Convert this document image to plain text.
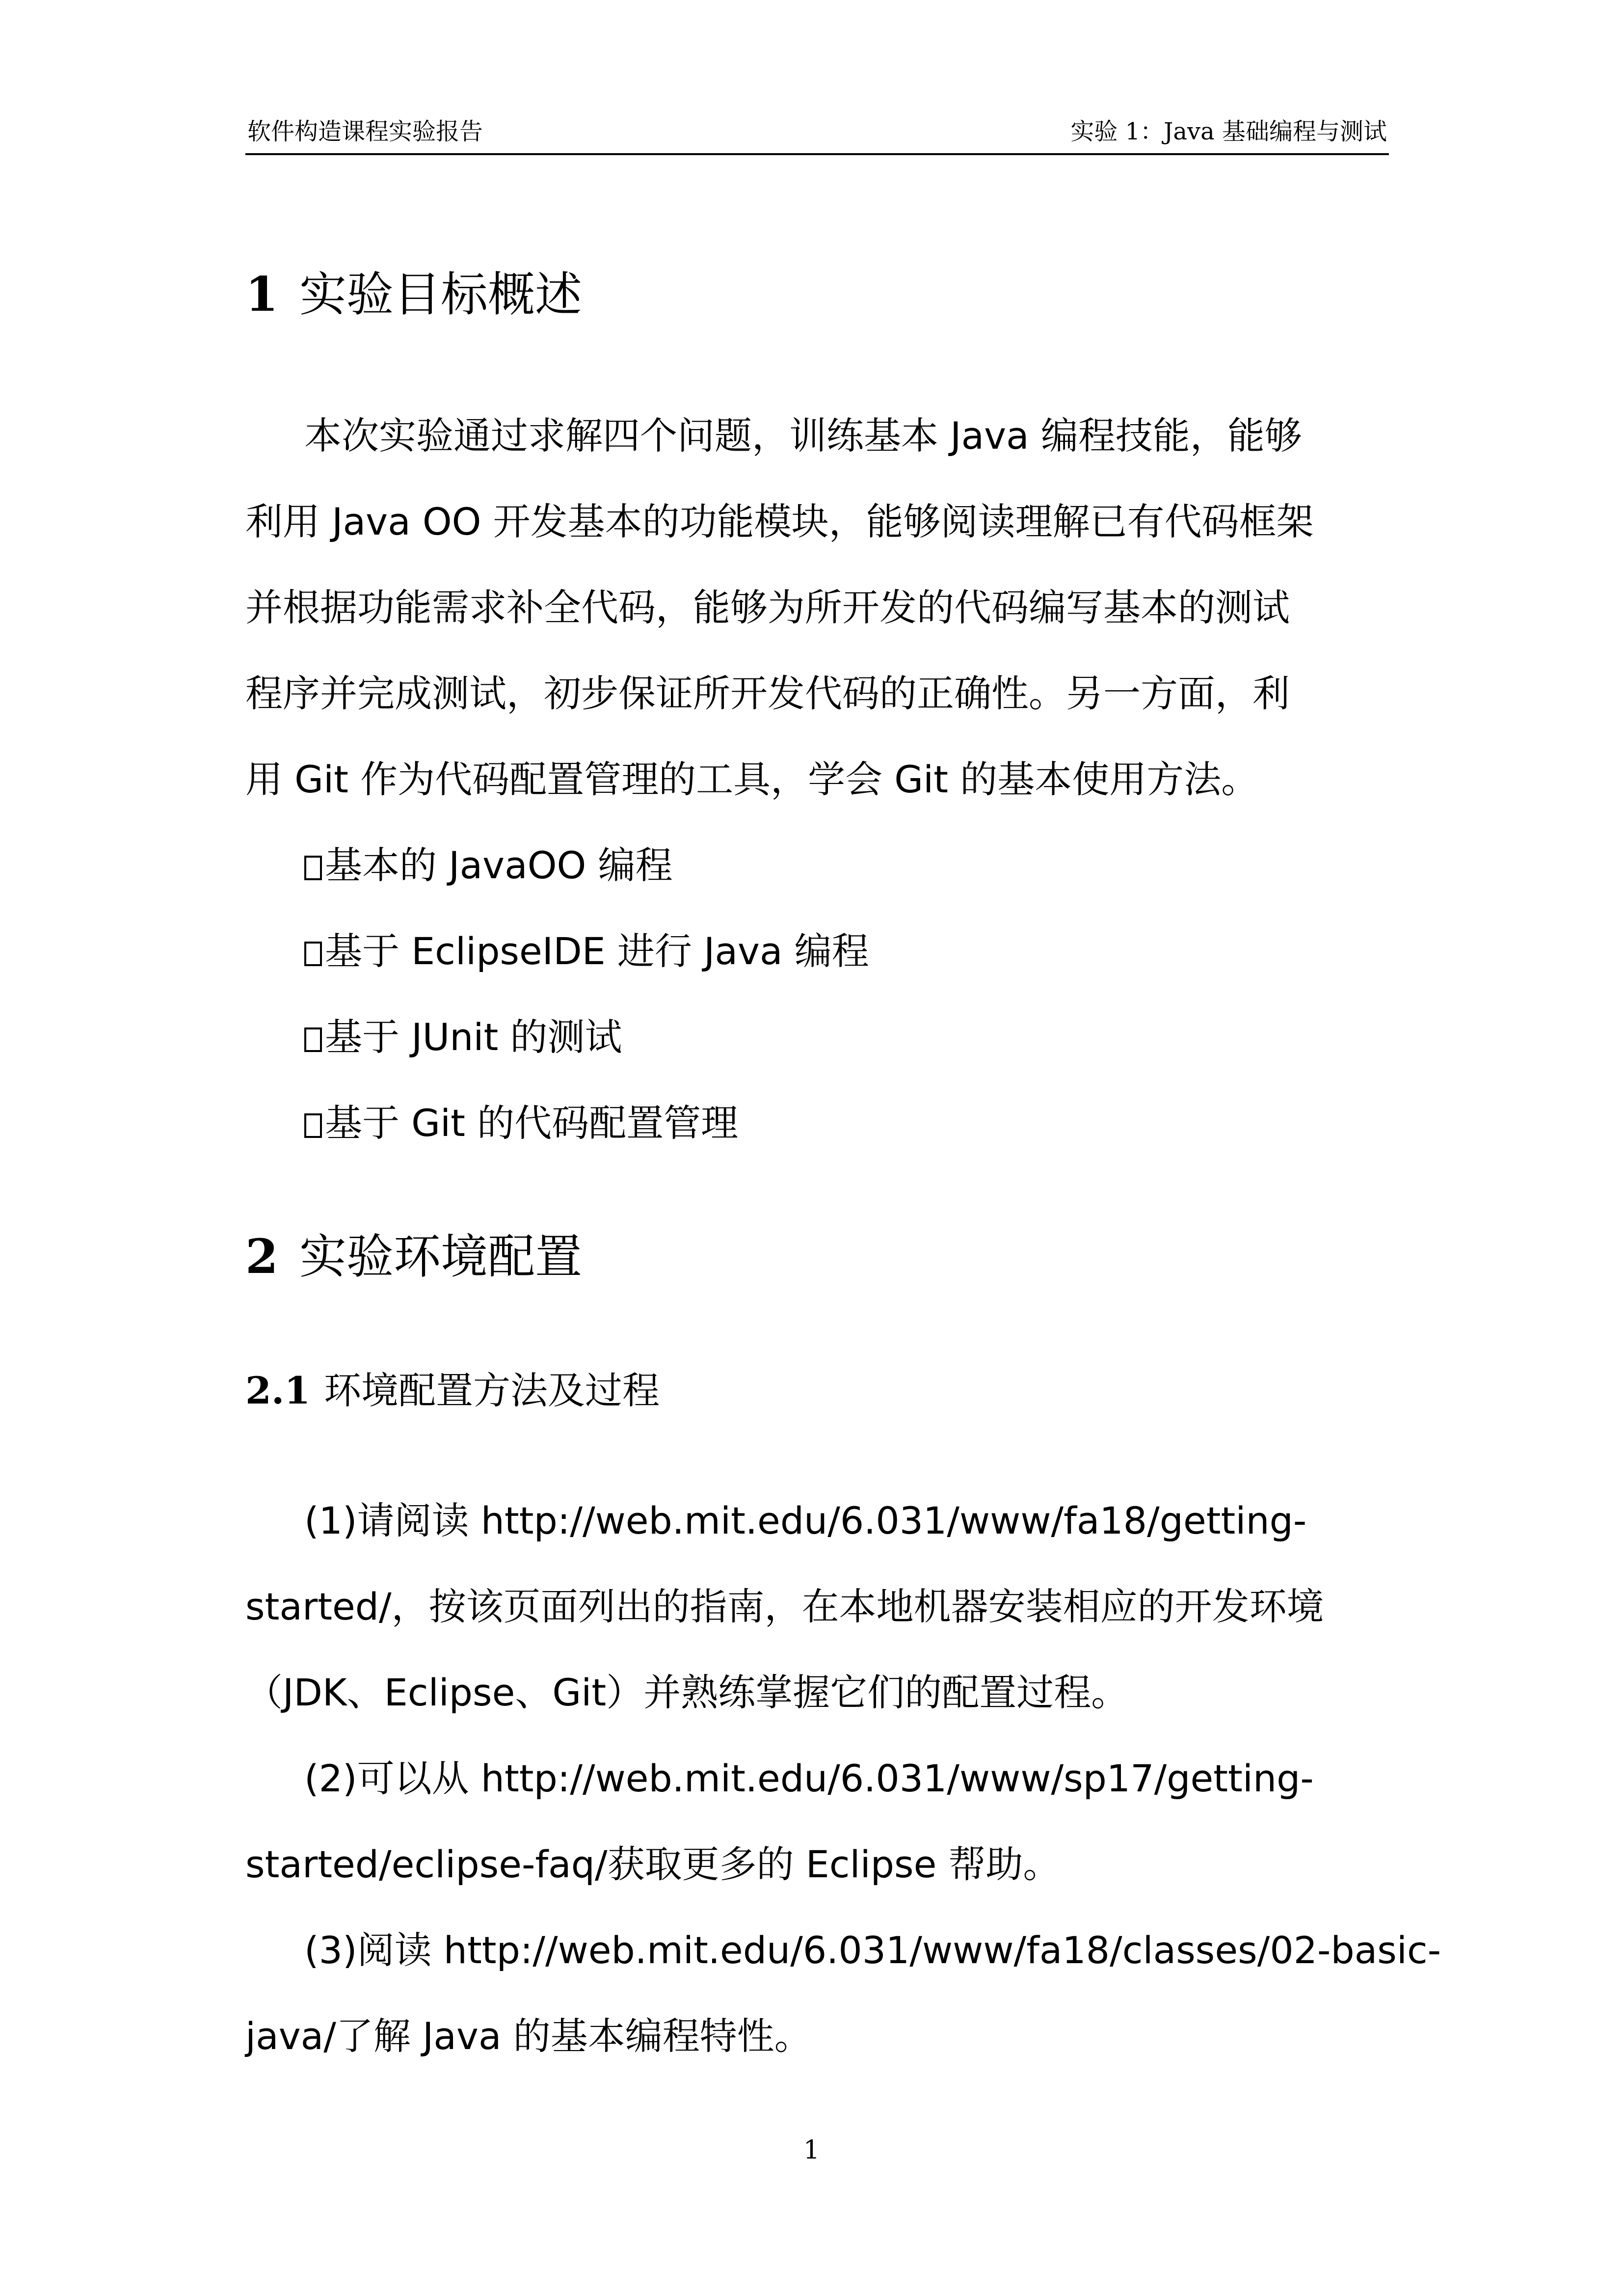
软件构造课程实验报告	实验 1：Java 基础编程与测试
1 实验目标概述
本次实验通过求解四个问题，训练基本 Java 编程技能，能够
利用 Java OO 开发基本的功能模块，能够阅读理解已有代码框架
并根据功能需求补全代码，能够为所开发的代码编写基本的测试
程序并完成测试，初步保证所开发代码的正确性。另一方面，利
用 Git 作为代码配置管理的工具，学会 Git 的基本使用方法。
基本的 JavaOO 编程
基于 EclipseIDE 进行 Java 编程
基于 JUnit 的测试
基于 Git 的代码配置管理
2 实验环境配置
2.1 环境配置方法及过程
(1)请阅读 http://web.mit.edu/6.031/www/fa18/getting-
started/，按该页面列出的指南，在本地机器安装相应的开发环境
（JDK、Eclipse、Git）并熟练掌握它们的配置过程。
(2)可以从 http://web.mit.edu/6.031/www/sp17/getting-
started/eclipse-faq/获取更多的 Eclipse 帮助。
(3)阅读 http://web.mit.edu/6.031/www/fa18/classes/02-basic-
java/了解 Java 的基本编程特性。
1
